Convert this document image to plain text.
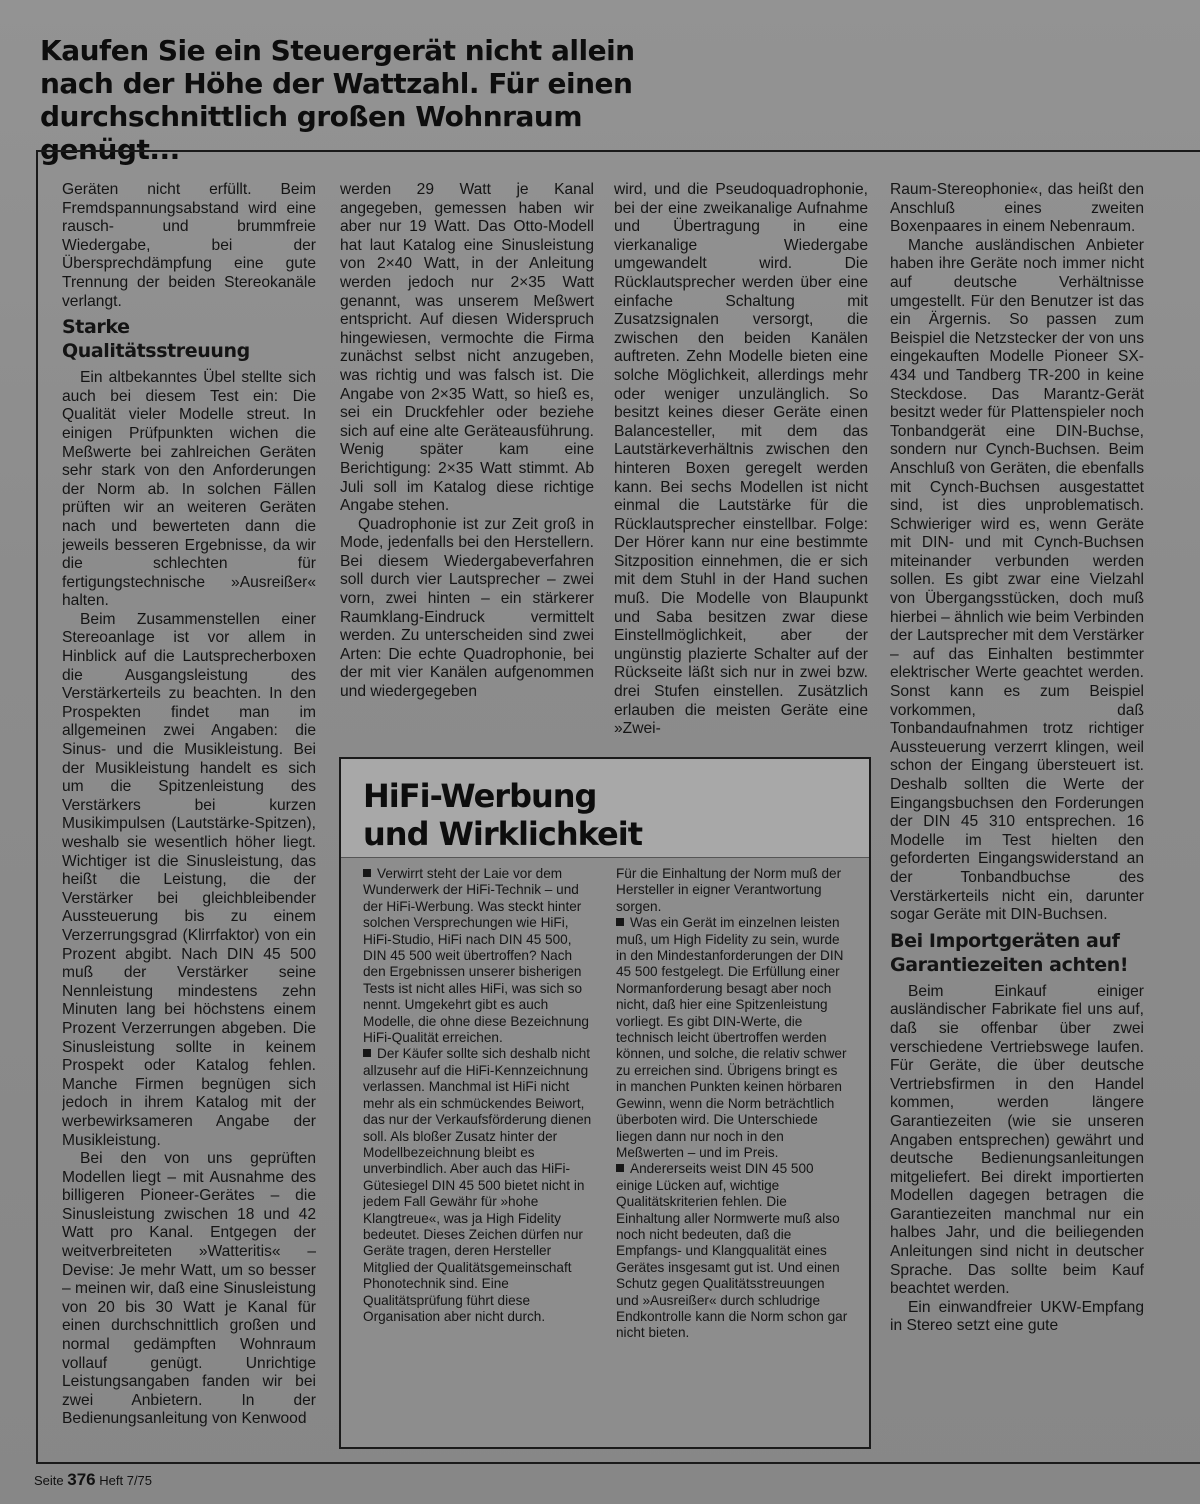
Kaufen Sie ein Steuergerät nicht allein nach der Höhe der Wattzahl. Für einen durchschnittlich großen Wohnraum genügt...

Geräten nicht erfüllt. Beim Fremdspannungsabstand wird eine rausch- und brummfreie Wiedergabe, bei der Übersprechdämpfung eine gute Trennung der beiden Stereokanäle verlangt.

Starke Qualitätsstreuung

Ein altbekanntes Übel stellte sich auch bei diesem Test ein: Die Qualität vieler Modelle streut. In einigen Prüfpunkten wichen die Meßwerte bei zahlreichen Geräten sehr stark von den Anforderungen der Norm ab. In solchen Fällen prüften wir an weiteren Geräten nach und bewerteten dann die jeweils besseren Ergebnisse, da wir die schlechten für fertigungstechnische »Ausreißer« halten.

Beim Zusammenstellen einer Stereoanlage ist vor allem in Hinblick auf die Lautsprecherboxen die Ausgangsleistung des Verstärkerteils zu beachten. In den Prospekten findet man im allgemeinen zwei Angaben: die Sinus- und die Musikleistung. Bei der Musikleistung handelt es sich um die Spitzenleistung des Verstärkers bei kurzen Musikimpulsen (Lautstärke-Spitzen), weshalb sie wesentlich höher liegt. Wichtiger ist die Sinusleistung, das heißt die Leistung, die der Verstärker bei gleichbleibender Aussteuerung bis zu einem Verzerrungsgrad (Klirrfaktor) von ein Prozent abgibt. Nach DIN 45 500 muß der Verstärker seine Nennleistung mindestens zehn Minuten lang bei höchstens einem Prozent Verzerrungen abgeben. Die Sinusleistung sollte in keinem Prospekt oder Katalog fehlen. Manche Firmen begnügen sich jedoch in ihrem Katalog mit der werbewirksameren Angabe der Musikleistung.

Bei den von uns geprüften Modellen liegt – mit Ausnahme des billigeren Pioneer-Gerätes – die Sinusleistung zwischen 18 und 42 Watt pro Kanal. Entgegen der weitverbreiteten »Watteritis« – Devise: Je mehr Watt, um so besser – meinen wir, daß eine Sinusleistung von 20 bis 30 Watt je Kanal für einen durchschnittlich großen und normal gedämpften Wohnraum vollauf genügt. Unrichtige Leistungsangaben fanden wir bei zwei Anbietern. In der Bedienungsanleitung von Kenwood

werden 29 Watt je Kanal angegeben, gemessen haben wir aber nur 19 Watt. Das Otto-Modell hat laut Katalog eine Sinusleistung von 2×40 Watt, in der Anleitung werden jedoch nur 2×35 Watt genannt, was unserem Meßwert entspricht. Auf diesen Widerspruch hingewiesen, vermochte die Firma zunächst selbst nicht anzugeben, was richtig und was falsch ist. Die Angabe von 2×35 Watt, so hieß es, sei ein Druckfehler oder beziehe sich auf eine alte Geräteausführung. Wenig später kam eine Berichtigung: 2×35 Watt stimmt. Ab Juli soll im Katalog diese richtige Angabe stehen.

Quadrophonie ist zur Zeit groß in Mode, jedenfalls bei den Herstellern. Bei diesem Wiedergabeverfahren soll durch vier Lautsprecher – zwei vorn, zwei hinten – ein stärkerer Raumklang-Eindruck vermittelt werden. Zu unterscheiden sind zwei Arten: Die echte Quadrophonie, bei der mit vier Kanälen aufgenommen und wiedergegeben

wird, und die Pseudoquadrophonie, bei der eine zweikanalige Aufnahme und Übertragung in eine vierkanalige Wiedergabe umgewandelt wird. Die Rücklautsprecher werden über eine einfache Schaltung mit Zusatzsignalen versorgt, die zwischen den beiden Kanälen auftreten. Zehn Modelle bieten eine solche Möglichkeit, allerdings mehr oder weniger unzulänglich. So besitzt keines dieser Geräte einen Balancesteller, mit dem das Lautstärkeverhältnis zwischen den hinteren Boxen geregelt werden kann. Bei sechs Modellen ist nicht einmal die Lautstärke für die Rücklautsprecher einstellbar. Folge: Der Hörer kann nur eine bestimmte Sitzposition einnehmen, die er sich mit dem Stuhl in der Hand suchen muß. Die Modelle von Blaupunkt und Saba besitzen zwar diese Einstellmöglichkeit, aber der ungünstig plazierte Schalter auf der Rückseite läßt sich nur in zwei bzw. drei Stufen einstellen. Zusätzlich erlauben die meisten Geräte eine »Zwei-

Raum-Stereophonie«, das heißt den Anschluß eines zweiten Boxenpaares in einem Nebenraum.

Manche ausländischen Anbieter haben ihre Geräte noch immer nicht auf deutsche Verhältnisse umgestellt. Für den Benutzer ist das ein Ärgernis. So passen zum Beispiel die Netzstecker der von uns eingekauften Modelle Pioneer SX-434 und Tandberg TR-200 in keine Steckdose. Das Marantz-Gerät besitzt weder für Plattenspieler noch Tonbandgerät eine DIN-Buchse, sondern nur Cynch-Buchsen. Beim Anschluß von Geräten, die ebenfalls mit Cynch-Buchsen ausgestattet sind, ist dies unproblematisch. Schwieriger wird es, wenn Geräte mit DIN- und mit Cynch-Buchsen miteinander verbunden werden sollen. Es gibt zwar eine Vielzahl von Übergangsstücken, doch muß hierbei – ähnlich wie beim Verbinden der Lautsprecher mit dem Verstärker – auf das Einhalten bestimmter elektrischer Werte geachtet werden. Sonst kann es zum Beispiel vorkommen, daß Tonbandaufnahmen trotz richtiger Aussteuerung verzerrt klingen, weil schon der Eingang übersteuert ist. Deshalb sollten die Werte der Eingangsbuchsen den Forderungen der DIN 45 310 entsprechen. 16 Modelle im Test hielten den geforderten Eingangswiderstand an der Tonbandbuchse des Verstärkerteils nicht ein, darunter sogar Geräte mit DIN-Buchsen.

Bei Importgeräten auf Garantiezeiten achten!

Beim Einkauf einiger ausländischer Fabrikate fiel uns auf, daß sie offenbar über zwei verschiedene Vertriebswege laufen. Für Geräte, die über deutsche Vertriebsfirmen in den Handel kommen, werden längere Garantiezeiten (wie sie unseren Angaben entsprechen) gewährt und deutsche Bedienungsanleitungen mitgeliefert. Bei direkt importierten Modellen dagegen betragen die Garantiezeiten manchmal nur ein halbes Jahr, und die beiliegenden Anleitungen sind nicht in deutscher Sprache. Das sollte beim Kauf beachtet werden.

Ein einwandfreier UKW-Empfang in Stereo setzt eine gute

HiFi-Werbung
und Wirklichkeit

Verwirrt steht der Laie vor dem Wunderwerk der HiFi-Technik – und der HiFi-Werbung. Was steckt hinter solchen Versprechungen wie HiFi, HiFi-Studio, HiFi nach DIN 45 500, DIN 45 500 weit übertroffen? Nach den Ergebnissen unserer bisherigen Tests ist nicht alles HiFi, was sich so nennt. Umgekehrt gibt es auch Modelle, die ohne diese Bezeichnung HiFi-Qualität erreichen.

Der Käufer sollte sich deshalb nicht allzusehr auf die HiFi-Kennzeichnung verlassen. Manchmal ist HiFi nicht mehr als ein schmückendes Beiwort, das nur der Verkaufsförderung dienen soll. Als bloßer Zusatz hinter der Modellbezeichnung bleibt es unverbindlich. Aber auch das HiFi-Gütesiegel DIN 45 500 bietet nicht in jedem Fall Gewähr für »hohe Klangtreue«, was ja High Fidelity bedeutet. Dieses Zeichen dürfen nur Geräte tragen, deren Hersteller Mitglied der Qualitätsgemeinschaft Phonotechnik sind. Eine Qualitätsprüfung führt diese Organisation aber nicht durch.

Für die Einhaltung der Norm muß der Hersteller in eigner Verantwortung sorgen.

Was ein Gerät im einzelnen leisten muß, um High Fidelity zu sein, wurde in den Mindestanforderungen der DIN 45 500 festgelegt. Die Erfüllung einer Normanforderung besagt aber noch nicht, daß hier eine Spitzenleistung vorliegt. Es gibt DIN-Werte, die technisch leicht übertroffen werden können, und solche, die relativ schwer zu erreichen sind. Übrigens bringt es in manchen Punkten keinen hörbaren Gewinn, wenn die Norm beträchtlich überboten wird. Die Unterschiede liegen dann nur noch in den Meßwerten – und im Preis.

Andererseits weist DIN 45 500 einige Lücken auf, wichtige Qualitätskriterien fehlen. Die Einhaltung aller Normwerte muß also noch nicht bedeuten, daß die Empfangs- und Klangqualität eines Gerätes insgesamt gut ist. Und einen Schutz gegen Qualitätsstreuungen und »Ausreißer« durch schludrige Endkontrolle kann die Norm schon gar nicht bieten.

Seite 376 Heft 7/75
